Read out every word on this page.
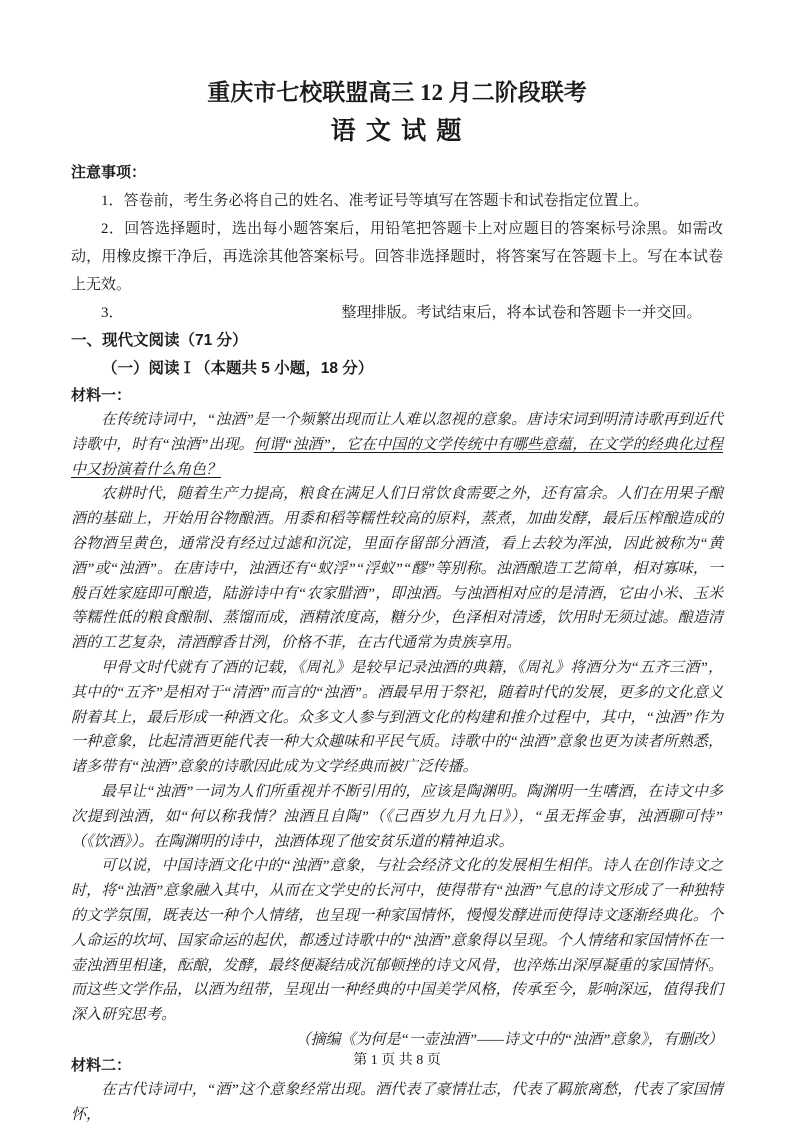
重庆市七校联盟高三 12 月二阶段联考
语 文 试 题

注意事项：

1．答卷前，考生务必将自己的姓名、准考证号等填写在答题卡和试卷指定位置上。

2．回答选择题时，选出每小题答案后，用铅笔把答题卡上对应题目的答案标号涂黑。如需改动，用橡皮擦干净后，再选涂其他答案标号。回答非选择题时，将答案写在答题卡上。写在本试卷上无效。

3．	整理排版。考试结束后，将本试卷和答题卡一并交回。

一、现代文阅读（71 分）

（一）阅读Ⅰ（本题共 5 小题，18 分）

材料一：

在传统诗词中，“浊酒”是一个频繁出现而让人难以忽视的意象。唐诗宋词到明清诗歌再到近代诗歌中，时有“浊酒”出现。何谓“浊酒”，它在中国的文学传统中有哪些意蕴，在文学的经典化过程中又扮演着什么角色？

农耕时代，随着生产力提高，粮食在满足人们日常饮食需要之外，还有富余。人们在用果子酿酒的基础上，开始用谷物酿酒。用黍和稻等糯性较高的原料，蒸煮，加曲发酵，最后压榨酿造成的谷物酒呈黄色，通常没有经过过滤和沉淀，里面存留部分酒渣，看上去较为浑浊，因此被称为“黄酒”或“浊酒”。在唐诗中，浊酒还有“蚁浮”“浮蚁”“醪”等别称。浊酒酿造工艺简单，相对寡味，一般百姓家庭即可酿造，陆游诗中有“农家腊酒”，即浊酒。与浊酒相对应的是清酒，它由小米、玉米等糯性低的粮食酿制、蒸馏而成，酒精浓度高，糖分少，色泽相对清透，饮用时无须过滤。酿造清酒的工艺复杂，清酒醇香甘洌，价格不菲，在古代通常为贵族享用。

甲骨文时代就有了酒的记载，《周礼》是较早记录浊酒的典籍，《周礼》将酒分为“五齐三酒”，其中的“五齐”是相对于“清酒”而言的“浊酒”。酒最早用于祭祀，随着时代的发展，更多的文化意义附着其上，最后形成一种酒文化。众多文人参与到酒文化的构建和推介过程中，其中，“浊酒”作为一种意象，比起清酒更能代表一种大众趣味和平民气质。诗歌中的“浊酒”意象也更为读者所熟悉，诸多带有“浊酒”意象的诗歌因此成为文学经典而被广泛传播。

最早让“浊酒”一词为人们所重视并不断引用的，应该是陶渊明。陶渊明一生嗜酒，在诗文中多次提到浊酒，如“何以称我情？浊酒且自陶”（《己酉岁九月九日》），“虽无挥金事，浊酒聊可恃”（《饮酒》）。在陶渊明的诗中，浊酒体现了他安贫乐道的精神追求。

可以说，中国诗酒文化中的“浊酒”意象，与社会经济文化的发展相生相伴。诗人在创作诗文之时，将“浊酒”意象融入其中，从而在文学史的长河中，使得带有“浊酒”气息的诗文形成了一种独特的文学氛围，既表达一种个人情绪，也呈现一种家国情怀，慢慢发酵进而使得诗文逐渐经典化。个人命运的坎坷、国家命运的起伏，都透过诗歌中的“浊酒”意象得以呈现。个人情绪和家国情怀在一壶浊酒里相逢，酝酿，发酵，最终便凝结成沉郁顿挫的诗文风骨，也淬炼出深厚凝重的家国情怀。而这些文学作品，以酒为纽带，呈现出一种经典的中国美学风格，传承至今，影响深远，值得我们深入研究思考。

（摘编《为何是“一壶浊酒”——诗文中的“浊酒”意象》，有删改）

材料二：

在古代诗词中，“酒”这个意象经常出现。酒代表了豪情壮志，代表了羁旅离愁，代表了家国情怀，

第 1 页 共 8 页
